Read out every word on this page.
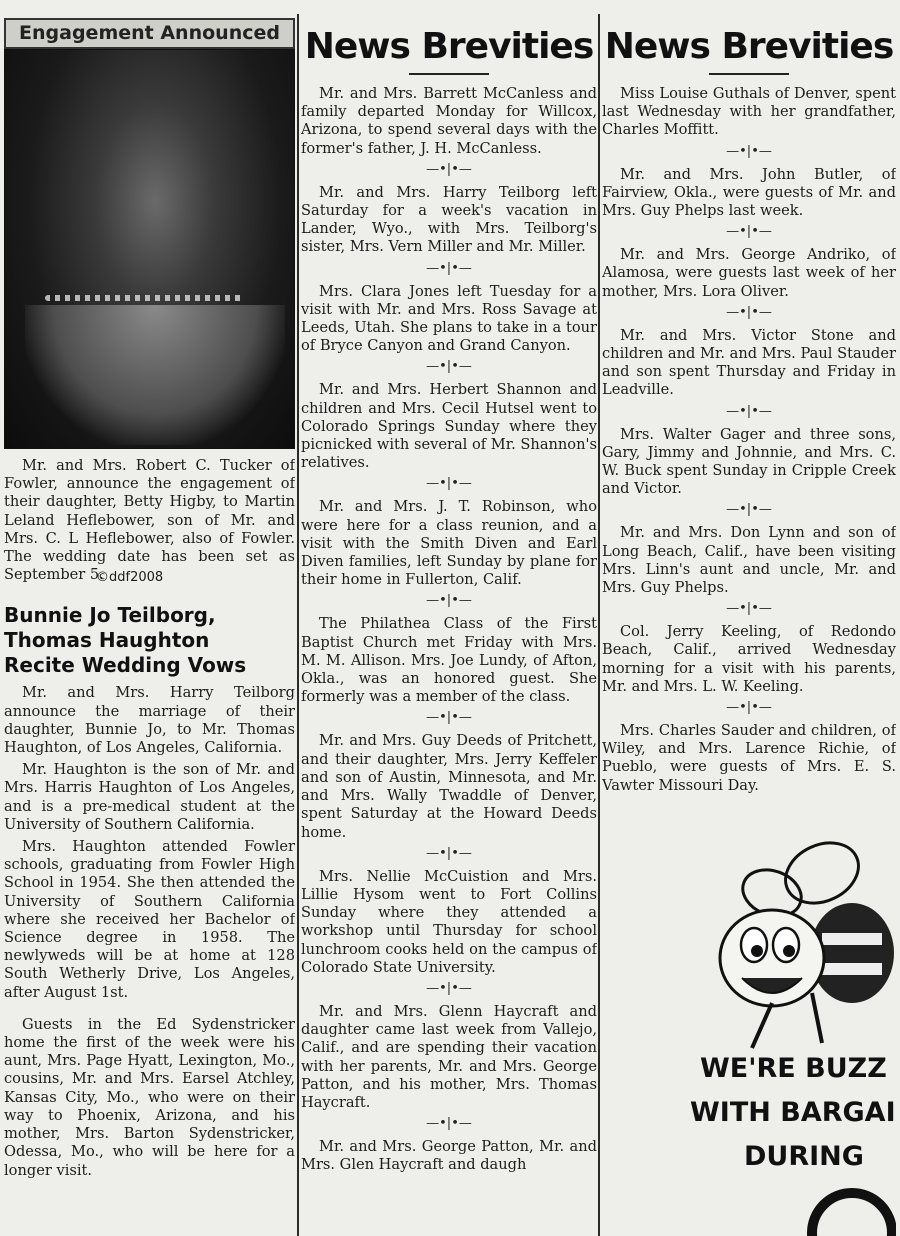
Engagement Announced

Mr. and Mrs. Robert C. Tucker of Fowler, announce the engagement of their daughter, Betty Higby, to Martin Leland Heflebower, son of Mr. and Mrs. C. L Heflebower, also of Fowler. The wedding date has been set as September 5.

©ddf2008
Bunnie Jo Teilborg,
Thomas Haughton
Recite Wedding Vows

Mr. and Mrs. Harry Teilborg announce the marriage of their daughter, Bunnie Jo, to Mr. Thomas Haughton, of Los Angeles, California.

Mr. Haughton is the son of Mr. and Mrs. Harris Haughton of Los Angeles, and is a pre-medical student at the University of Southern California.

Mrs. Haughton attended Fowler schools, graduating from Fowler High School in 1954. She then attended the University of Southern California where she received her Bachelor of Science degree in 1958. The newlyweds will be at home at 128 South Wetherly Drive, Los Angeles, after August 1st.

Guests in the Ed Sydenstricker home the first of the week were his aunt, Mrs. Page Hyatt, Lexington, Mo., cousins, Mr. and Mrs. Earsel Atchley, Kansas City, Mo., who were on their way to Phoenix, Arizona, and his mother, Mrs. Barton Sydenstricker, Odessa, Mo., who will be here for a longer visit.

News Brevities

Mr. and Mrs. Barrett McCanless and family departed Monday for Willcox, Arizona, to spend several days with the former's father, J. H. McCanless.

—•|•—

Mr. and Mrs. Harry Teilborg left Saturday for a week's vacation in Lander, Wyo., with Mrs. Teilborg's sister, Mrs. Vern Miller and Mr. Miller.

—•|•—

Mrs. Clara Jones left Tuesday for a visit with Mr. and Mrs. Ross Savage at Leeds, Utah. She plans to take in a tour of Bryce Canyon and Grand Canyon.

—•|•—

Mr. and Mrs. Herbert Shannon and children and Mrs. Cecil Hutsel went to Colorado Springs Sunday where they picnicked with several of Mr. Shannon's relatives.

—•|•—

Mr. and Mrs. J. T. Robinson, who were here for a class reunion, and a visit with the Smith Diven and Earl Diven families, left Sunday by plane for their home in Fullerton, Calif.

—•|•—

The Philathea Class of the First Baptist Church met Friday with Mrs. M. M. Allison. Mrs. Joe Lundy, of Afton, Okla., was an honored guest. She formerly was a member of the class.

—•|•—

Mr. and Mrs. Guy Deeds of Pritchett, and their daughter, Mrs. Jerry Keffeler and son of Austin, Minnesota, and Mr. and Mrs. Wally Twaddle of Denver, spent Saturday at the Howard Deeds home.

—•|•—

Mrs. Nellie McCuistion and Mrs. Lillie Hysom went to Fort Collins Sunday where they attended a workshop until Thursday for school lunchroom cooks held on the campus of Colorado State University.

—•|•—

Mr. and Mrs. Glenn Haycraft and daughter came last week from Vallejo, Calif., and are spending their vacation with her parents, Mr. and Mrs. George Patton, and his mother, Mrs. Thomas Haycraft.

—•|•—

Mr. and Mrs. George Patton, Mr. and Mrs. Glen Haycraft and daugh

News Brevities

Miss Louise Guthals of Denver, spent last Wednesday with her grandfather, Charles Moffitt.

—•|•—

Mr. and Mrs. John Butler, of Fairview, Okla., were guests of Mr. and Mrs. Guy Phelps last week.

—•|•—

Mr. and Mrs. George Andriko, of Alamosa, were guests last week of her mother, Mrs. Lora Oliver.

—•|•—

Mr. and Mrs. Victor Stone and children and Mr. and Mrs. Paul Stauder and son spent Thursday and Friday in Leadville.

—•|•—

Mrs. Walter Gager and three sons, Gary, Jimmy and Johnnie, and Mrs. C. W. Buck spent Sunday in Cripple Creek and Victor.

—•|•—

Mr. and Mrs. Don Lynn and son of Long Beach, Calif., have been visiting Mrs. Linn's aunt and uncle, Mr. and Mrs. Guy Phelps.

—•|•—

Col. Jerry Keeling, of Redondo Beach, Calif., arrived Wednesday morning for a visit with his parents, Mr. and Mrs. L. W. Keeling.

—•|•—

Mrs. Charles Sauder and children, of Wiley, and Mrs. Larence Richie, of Pueblo, were guests of Mrs. E. S. Vawter Missouri Day.

WE'RE BUZZ
WITH BARGAI
DURING
